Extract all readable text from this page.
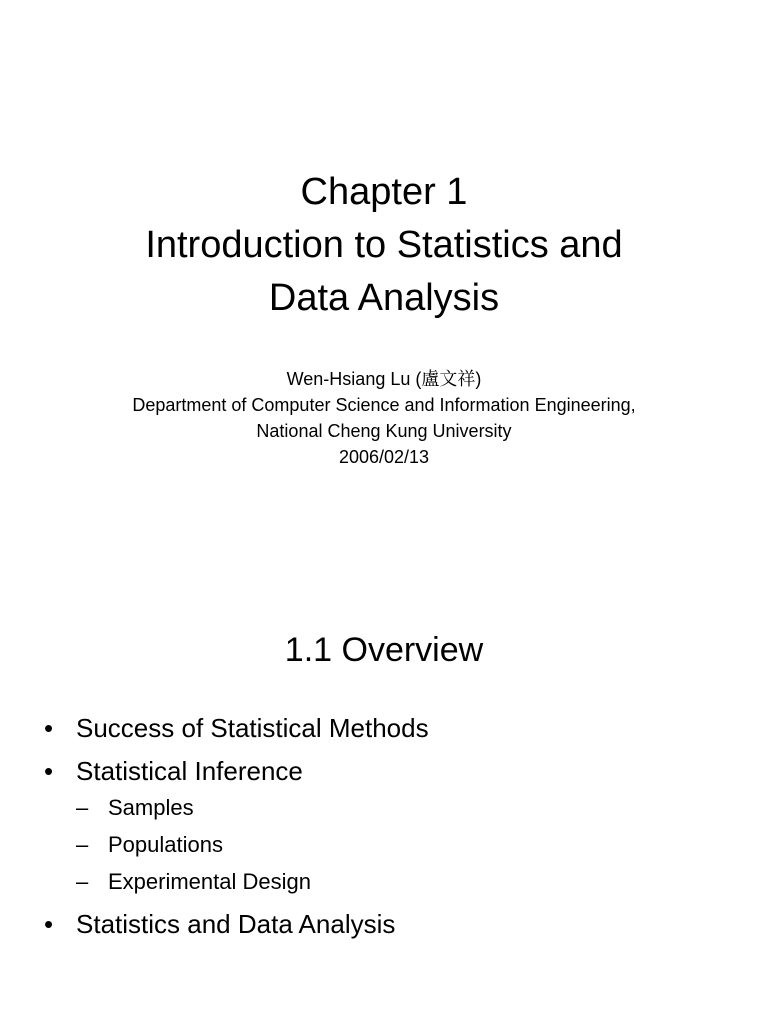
Chapter 1
Introduction to Statistics and
Data Analysis
Wen-Hsiang Lu (盧文祥)
Department of Computer Science and Information Engineering,
National Cheng Kung University
2006/02/13
1.1 Overview
• Success of Statistical Methods
• Statistical Inference
– Samples
– Populations
– Experimental Design
• Statistics and Data Analysis
